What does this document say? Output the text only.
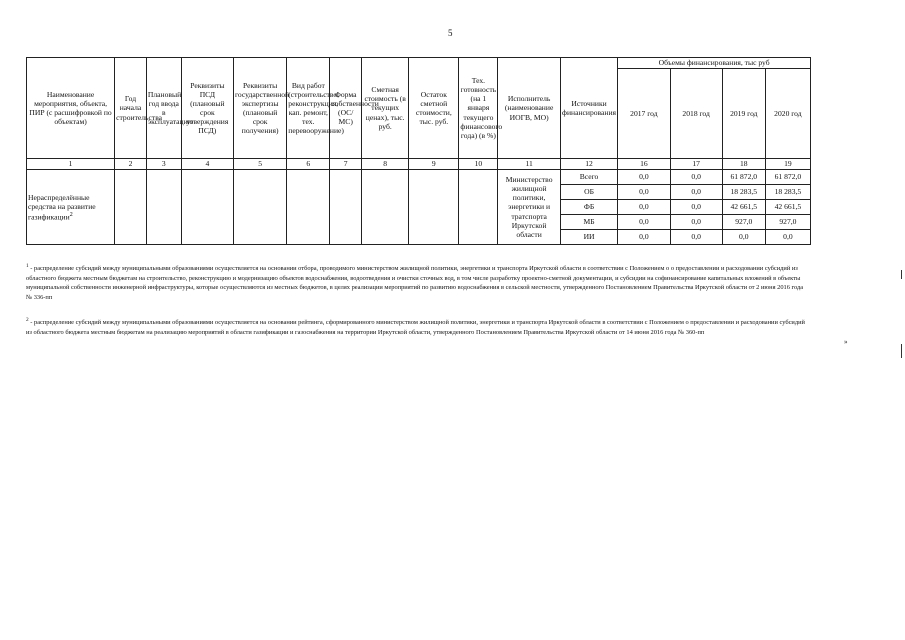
5
Наименование мероприятия, объекта, ПИР (с расшифровкой по объектам)	Год начала строительства	Плановый год ввода в эксплуатацию	Реквизиты ПСД (плановый срок утверждения ПСД)	Реквизиты государственной экспертизы (плановый срок получения)	Вид работ (строительство, реконструкция, кап. ремонт, тех. перевооружение)	Форма собственности (ОС/МС)	Сметная стоимость (в текущих ценах), тыс. руб.	Остаток сметной стоимости, тыс. руб.	Тех. готовность (на 1 января текущего финансового года) (в %)	Исполнитель (наименование ИОГВ, МО)	Источники финансирования	Объемы финансирования, тыс руб			
												2017 год	2018 год	2019 год	2020 год
1	2	3	4	5	6	7	8	9	10	11	12	16	17	18	19
Нераспределённые средства на развитие газификации$^2$										Министерство жилищной политики, энергетики и тратспорта Иркутской области	Всего	0,0	0,0	61 872,0	61 872,0
											ОБ	0,0	0,0	18 283,5	18 283,5
											ФБ	0,0	0,0	42 661,5	42 661,5
											МБ	0,0	0,0	927,0	927,0
											ИИ	0,0	0,0	0,0	0,0
$^1$ - распределение субсидий между муниципальными образованиями осуществляется на основании отбора, проводимого министерством жилищной политики, энергетики и транспорта Иркутской области в соответствии с Положением о о предоставлении и расходовании субсидий из областного бюджета местным бюджетам на строительство, реконструкцию и модернизацию объектов водоснабжения, водоотведения и очистки сточных вод, в том числе разработку проектно-сметной документации, и субсидии на софинансирование капитальных вложений в объекты муниципальной собственности инженерной инфраструктуры, которые осуществляются из местных бюджетов, в целях реализации мероприятий по развитию водоснабжения в сельской местности, утвержденного Постановлением Правительства Иркутской области от 2 июня 2016 года № 336-пп
$^2$ - распределение субсидий между муниципальными образованиями осуществляется на основании рейтинга, сформированного министерством жилищной политики, энергетики и транспорта Иркутской области в соответствии с Положением о предоставлении и расходовании субсидий из областного бюджета местным бюджетам на реализацию мероприятий в области газификации и газоснабжения на территории Иркутской области, утвержденного Постановлением Правительства Иркутской области от 14 июня 2016 года № 360-пп
»
